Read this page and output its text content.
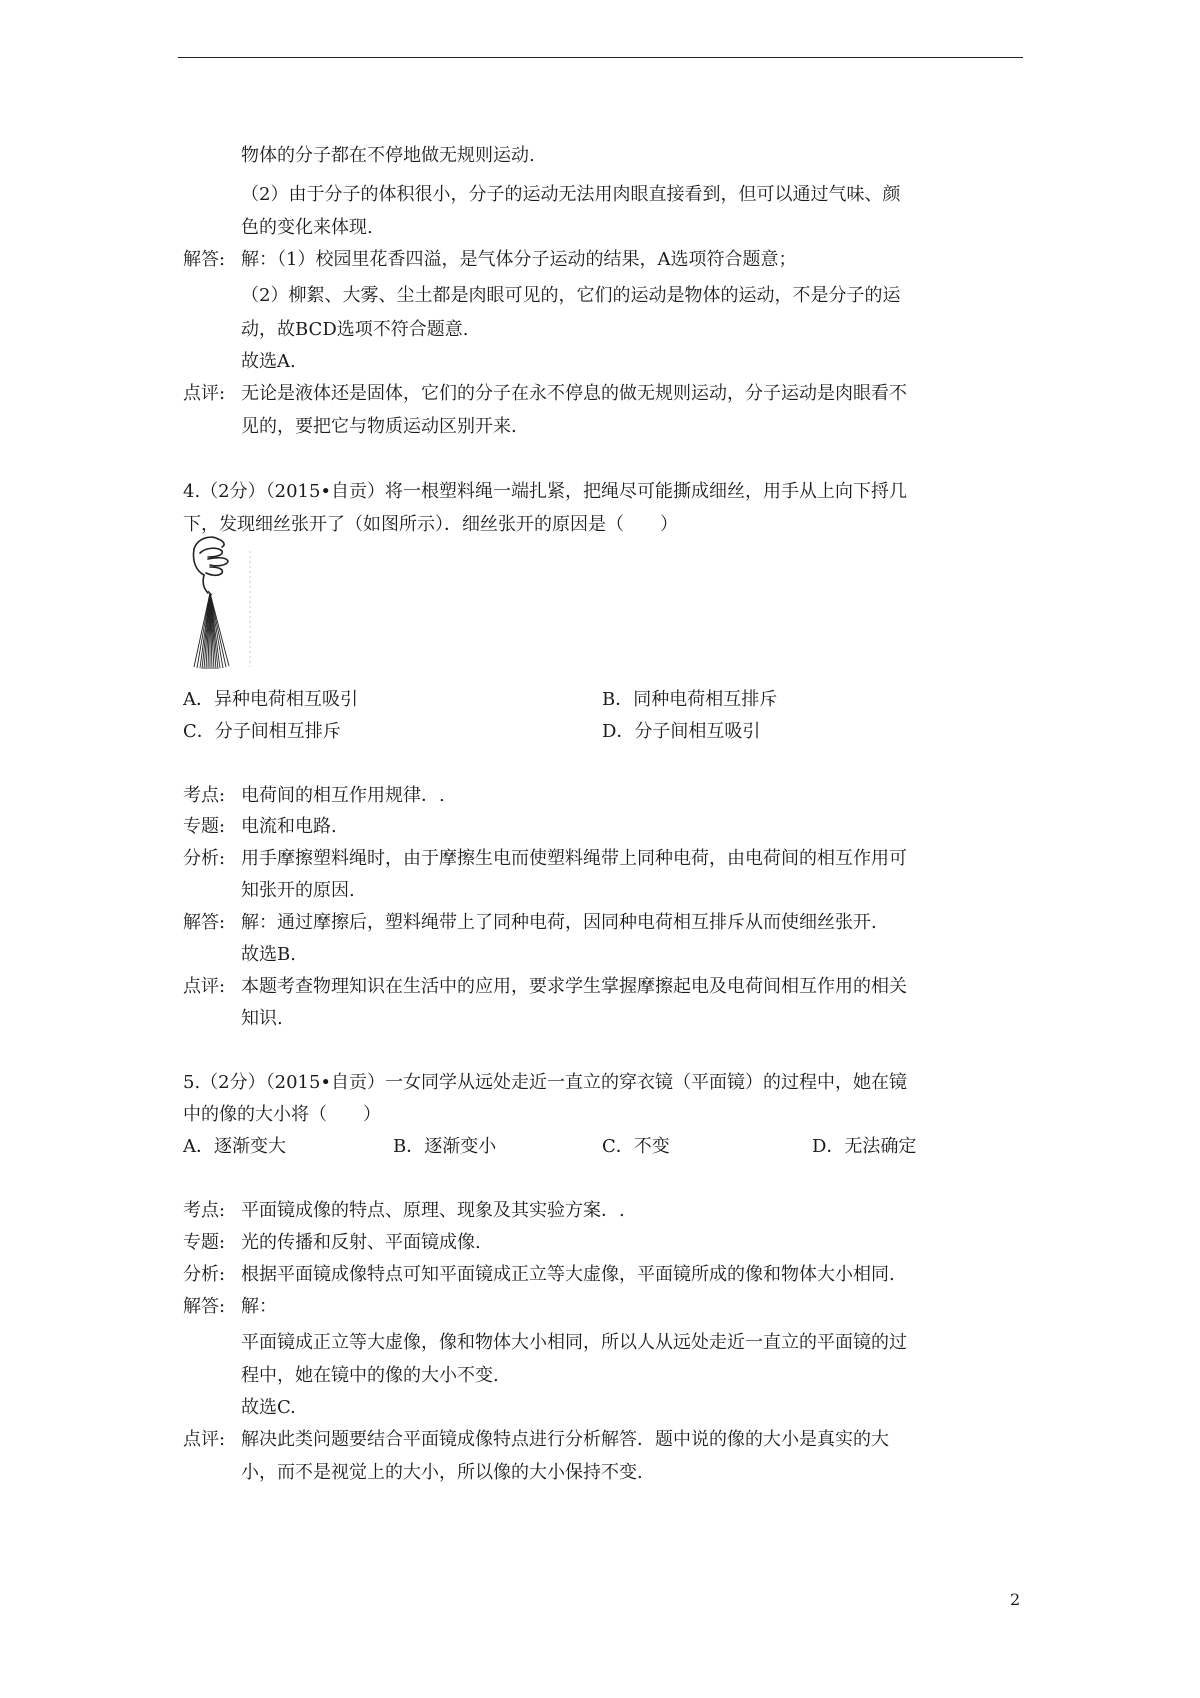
物体的分子都在不停地做无规则运动.
（2）由于分子的体积很小，分子的运动无法用肉眼直接看到，但可以通过气味、颜
色的变化来体现.
解答: 解：（1）校园里花香四溢，是气体分子运动的结果，A选项符合题意；
（2）柳絮、大雾、尘土都是肉眼可见的，它们的运动是物体的运动，不是分子的运
动，故BCD选项不符合题意.
故选A.
点评: 无论是液体还是固体，它们的分子在永不停息的做无规则运动，分子运动是肉眼看不
见的，要把它与物质运动区别开来.
4.（2分）（2015•自贡）将一根塑料绳一端扎紧，把绳尽可能撕成细丝，用手从上向下捋几
下，发现细丝张开了（如图所示）．细丝张开的原因是（　　）
A．异种电荷相互吸引	B．同种电荷相互排斥
C．分子间相互排斥	D．分子间相互吸引
考点: 电荷间的相互作用规律．.
专题: 电流和电路.
分析: 用手摩擦塑料绳时，由于摩擦生电而使塑料绳带上同种电荷，由电荷间的相互作用可
知张开的原因.
解答: 解：通过摩擦后，塑料绳带上了同种电荷，因同种电荷相互排斥从而使细丝张开.
故选B.
点评: 本题考查物理知识在生活中的应用，要求学生掌握摩擦起电及电荷间相互作用的相关
知识.
5.（2分）（2015•自贡）一女同学从远处走近一直立的穿衣镜（平面镜）的过程中，她在镜
中的像的大小将（　　）
A．逐渐变大	B．逐渐变小	C．不变	D．无法确定
考点: 平面镜成像的特点、原理、现象及其实验方案．.
专题: 光的传播和反射、平面镜成像.
分析: 根据平面镜成像特点可知平面镜成正立等大虚像，平面镜所成的像和物体大小相同.
解答: 解：
平面镜成正立等大虚像，像和物体大小相同，所以人从远处走近一直立的平面镜的过
程中，她在镜中的像的大小不变.
故选C.
点评: 解决此类问题要结合平面镜成像特点进行分析解答．题中说的像的大小是真实的大
小，而不是视觉上的大小，所以像的大小保持不变.
2
